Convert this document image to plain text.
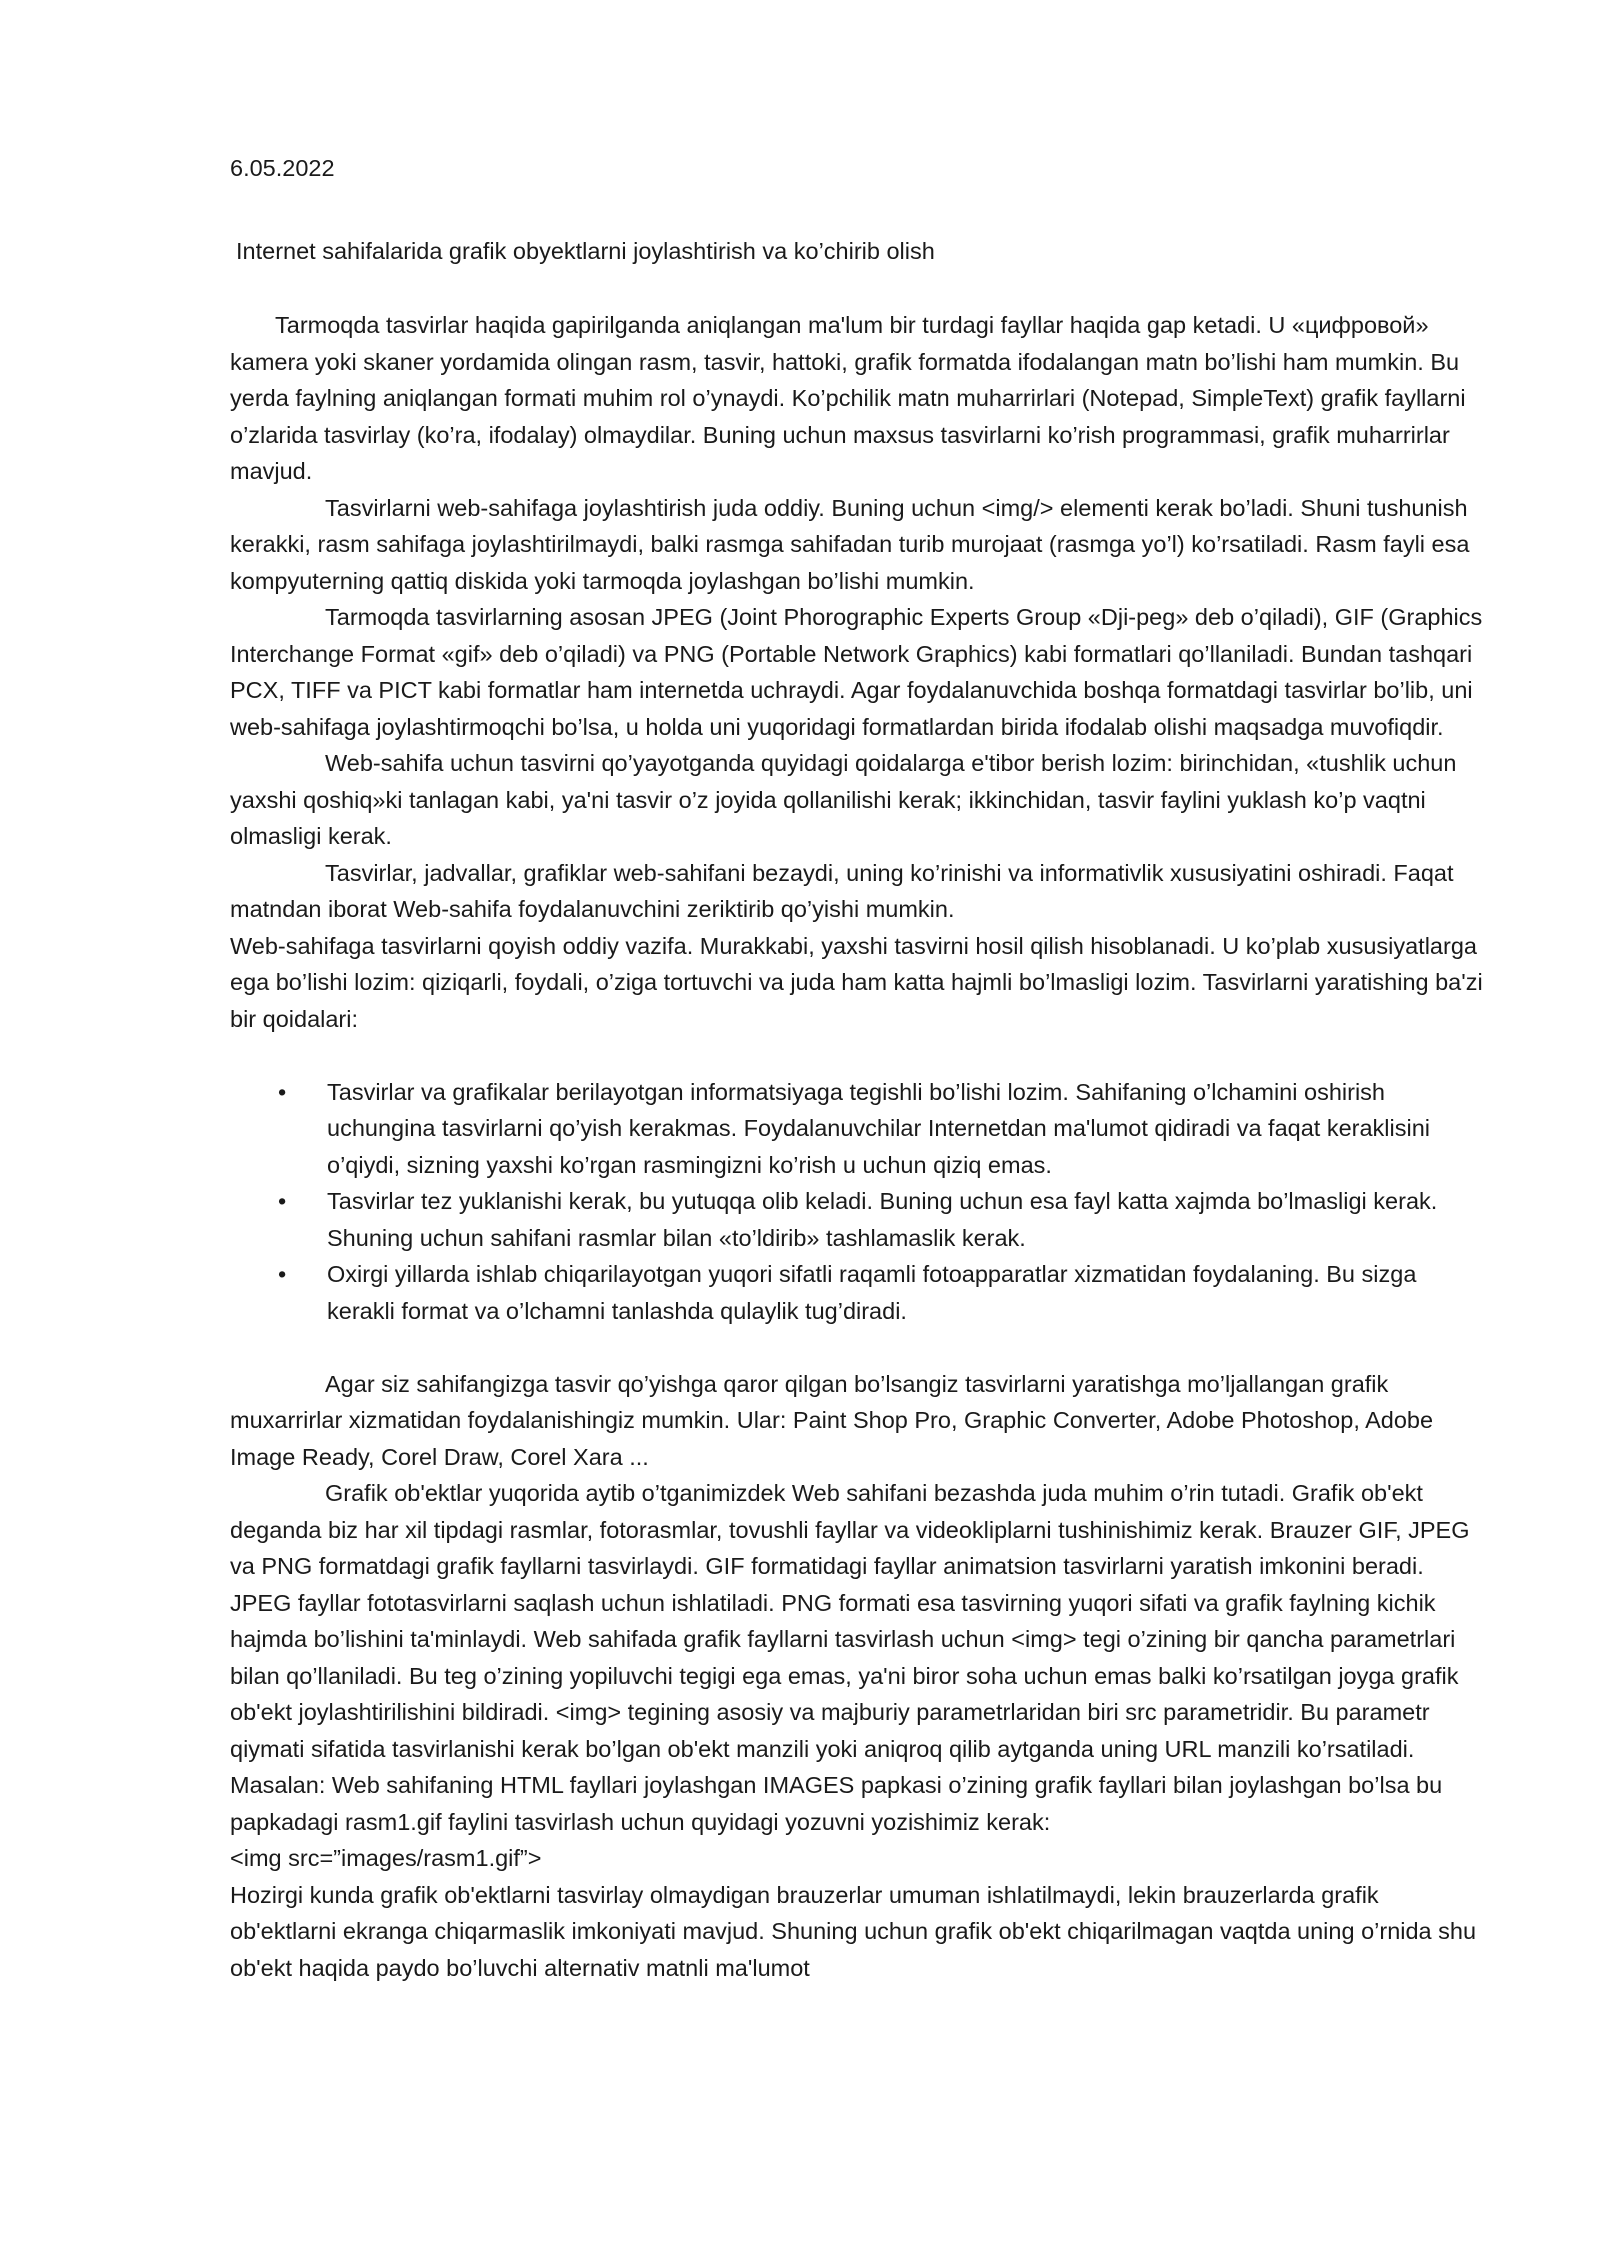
6.05.2022

Internet sahifalarida grafik obyektlarni joylashtirish va ko’chirib olish

Tarmoqda tasvirlar haqida gapirilganda aniqlangan ma'lum bir turdagi fayllar haqida gap ketadi. U «цифровой» kamera yoki skaner yordamida olingan rasm, tasvir, hattoki, grafik formatda ifodalangan matn bo’lishi ham mumkin. Bu yerda faylning aniqlangan formati muhim rol o’ynaydi. Ko’pchilik matn muharrirlari (Notepad, SimpleText) grafik fayllarni o’zlarida tasvirlay (ko’ra, ifodalay) olmaydilar. Buning uchun maxsus tasvirlarni ko’rish programmasi, grafik muharrirlar mavjud.

Tasvirlarni web-sahifaga joylashtirish juda oddiy. Buning uchun <img/> elementi kerak bo’ladi. Shuni tushunish kerakki, rasm sahifaga joylashtirilmaydi, balki rasmga sahifadan turib murojaat (rasmga yo’l) ko’rsatiladi. Rasm fayli esa kompyuterning qattiq diskida yoki tarmoqda joylashgan bo’lishi mumkin.

Tarmoqda tasvirlarning asosan JPEG (Joint Phorographic Experts Group «Dji-peg» deb o’qiladi), GIF (Graphics Interchange Format «gif» deb o’qiladi) va PNG (Portable Network Graphics) kabi formatlari qo’llaniladi. Bundan tashqari PCX, TIFF va PICT kabi formatlar ham internetda uchraydi. Agar foydalanuvchida boshqa formatdagi tasvirlar bo’lib, uni web-sahifaga joylashtirmoqchi bo’lsa, u holda uni yuqoridagi formatlardan birida ifodalab olishi maqsadga muvofiqdir.

Web-sahifa uchun tasvirni qo’yayotganda quyidagi qoidalarga e'tibor berish lozim: birinchidan, «tushlik uchun yaxshi qoshiq»ki tanlagan kabi, ya'ni tasvir o’z joyida qollanilishi kerak; ikkinchidan, tasvir faylini yuklash ko’p vaqtni olmasligi kerak.

Tasvirlar, jadvallar, grafiklar web-sahifani bezaydi, uning ko’rinishi va informativlik xususiyatini oshiradi. Faqat matndan iborat Web-sahifa foydalanuvchini zeriktirib qo’yishi mumkin.

Web-sahifaga tasvirlarni qoyish oddiy vazifa. Murakkabi, yaxshi tasvirni hosil qilish hisoblanadi. U ko’plab xususiyatlarga ega bo’lishi lozim: qiziqarli, foydali, o’ziga tortuvchi va juda ham katta hajmli bo’lmasligi lozim. Tasvirlarni yaratishing ba'zi bir qoidalari:

• Tasvirlar va grafikalar berilayotgan informatsiyaga tegishli bo’lishi lozim. Sahifaning o’lchamini oshirish uchungina tasvirlarni qo’yish kerakmas. Foydalanuvchilar Internetdan ma'lumot qidiradi va faqat keraklisini o’qiydi, sizning yaxshi ko’rgan rasmingizni ko’rish u uchun qiziq emas.
• Tasvirlar tez yuklanishi kerak, bu yutuqqa olib keladi. Buning uchun esa fayl katta xajmda bo’lmasligi kerak. Shuning uchun sahifani rasmlar bilan «to’ldirib» tashlamaslik kerak.
• Oxirgi yillarda ishlab chiqarilayotgan yuqori sifatli raqamli fotoapparatlar xizmatidan foydalaning. Bu sizga kerakli format va o’lchamni tanlashda qulaylik tug’diradi.

Agar siz sahifangizga tasvir qo’yishga qaror qilgan bo’lsangiz tasvirlarni yaratishga mo’ljallangan grafik muxarrirlar xizmatidan foydalanishingiz mumkin. Ular: Paint Shop Pro, Graphic Converter, Adobe Photoshop, Adobe Image Ready, Corel Draw, Corel Xara ...

Grafik ob'ektlar yuqorida aytib o’tganimizdek Web sahifani bezashda juda muhim o’rin tutadi. Grafik ob'ekt deganda biz har xil tipdagi rasmlar, fotorasmlar, tovushli fayllar va videokliplarni tushinishimiz kerak. Brauzer GIF, JPEG va PNG formatdagi grafik fayllarni tasvirlaydi. GIF formatidagi fayllar animatsion tasvirlarni yaratish imkonini beradi. JPEG fayllar fototasvirlarni saqlash uchun ishlatiladi. PNG formati esa tasvirning yuqori sifati va grafik faylning kichik hajmda bo’lishini ta'minlaydi. Web sahifada grafik fayllarni tasvirlash uchun <img> tegi o’zining bir qancha parametrlari bilan qo’llaniladi. Bu teg o’zining yopiluvchi tegigi ega emas, ya'ni biror soha uchun emas balki ko’rsatilgan joyga grafik ob'ekt joylashtirilishini bildiradi. <img> tegining asosiy va majburiy parametrlaridan biri src parametridir. Bu parametr qiymati sifatida tasvirlanishi kerak bo’lgan ob'ekt manzili yoki aniqroq qilib aytganda uning URL manzili ko’rsatiladi.

Masalan: Web sahifaning HTML fayllari joylashgan IMAGES papkasi o’zining grafik fayllari bilan joylashgan bo’lsa bu papkadagi rasm1.gif faylini tasvirlash uchun quyidagi yozuvni yozishimiz kerak:

<img src=”images/rasm1.gif”>

Hozirgi kunda grafik ob'ektlarni tasvirlay olmaydigan brauzerlar umuman ishlatilmaydi, lekin brauzerlarda grafik ob'ektlarni ekranga chiqarmaslik imkoniyati mavjud. Shuning uchun grafik ob'ekt chiqarilmagan vaqtda uning o’rnida shu ob'ekt haqida paydo bo’luvchi alternativ matnli ma'lumot
